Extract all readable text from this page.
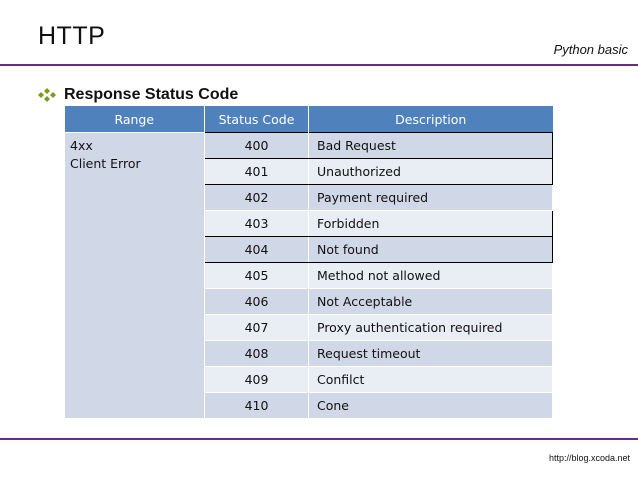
HTTP	Python basic
Response Status Code
Range	Status Code	Description

4xx
Client Error	400	Bad Request
	401	Unauthorized
	402	Payment required
	403	Forbidden
	404	Not found
	405	Method not allowed
	406	Not Acceptable
	407	Proxy authentication required
	408	Request timeout
	409	Confilct
	410	Cone
http://blog.xcoda.net
